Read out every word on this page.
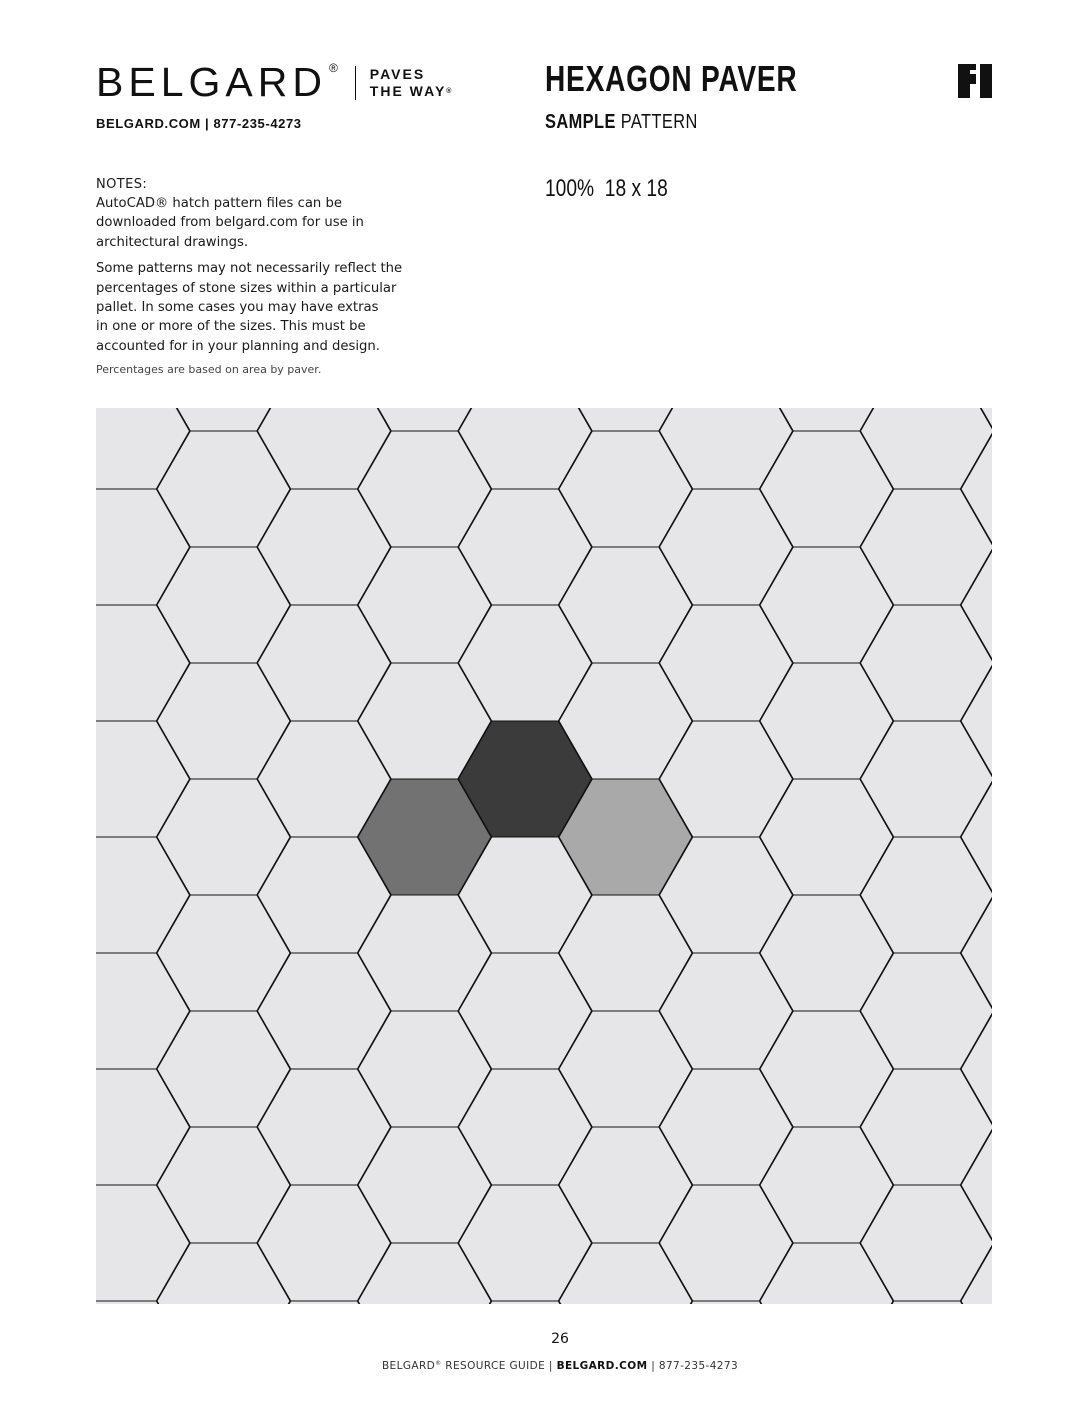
BELGARD ® PAVES
THE WAY®
BELGARD.COM | 877-235-4273
HEXAGON PAVER
SAMPLE PATTERN
100%  18 x 18
NOTES:

AutoCAD® hatch pattern files can be
downloaded from belgard.com for use in
architectural drawings.

Some patterns may not necessarily reflect the
percentages of stone sizes within a particular
pallet. In some cases you may have extras
in one or more of the sizes. This must be
accounted for in your planning and design.

Percentages are based on area by paver.
26
BELGARD® RESOURCE GUIDE | BELGARD.COM | 877-235-4273
